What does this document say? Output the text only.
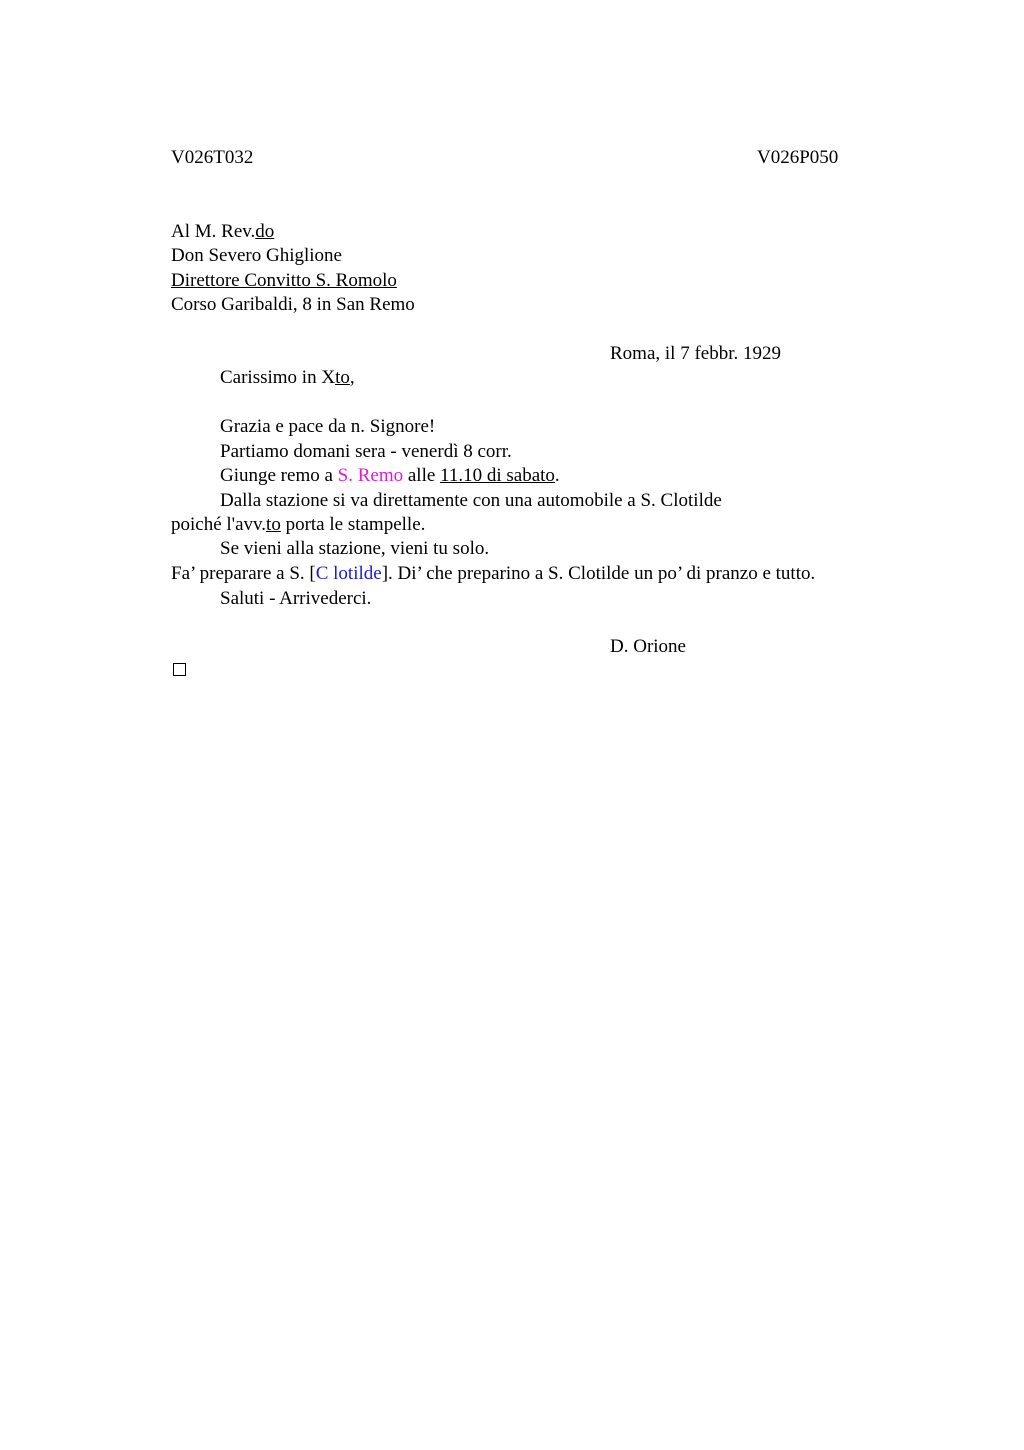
V026T032	V026P050
Al M. Rev.do
Don Severo Ghiglione
Direttore Convitto S. Romolo
Corso Garibaldi, 8 in San Remo
Roma, il 7 febbr. 1929
Carissimo in Xto,
Grazia e pace da n. Signore!
Partiamo domani sera - venerdì 8 corr.
Giunge remo a S. Remo alle 11.10 di sabato.
Dalla stazione si va direttamente con una automobile a S. Clotilde
poiché l'avv.to porta le stampelle.
Se vieni alla stazione, vieni tu solo.
Fa’ preparare a S. [C lotilde]. Di’ che preparino a S. Clotilde un po’ di pranzo e tutto.
Saluti - Arrivederci.
D. Orione
